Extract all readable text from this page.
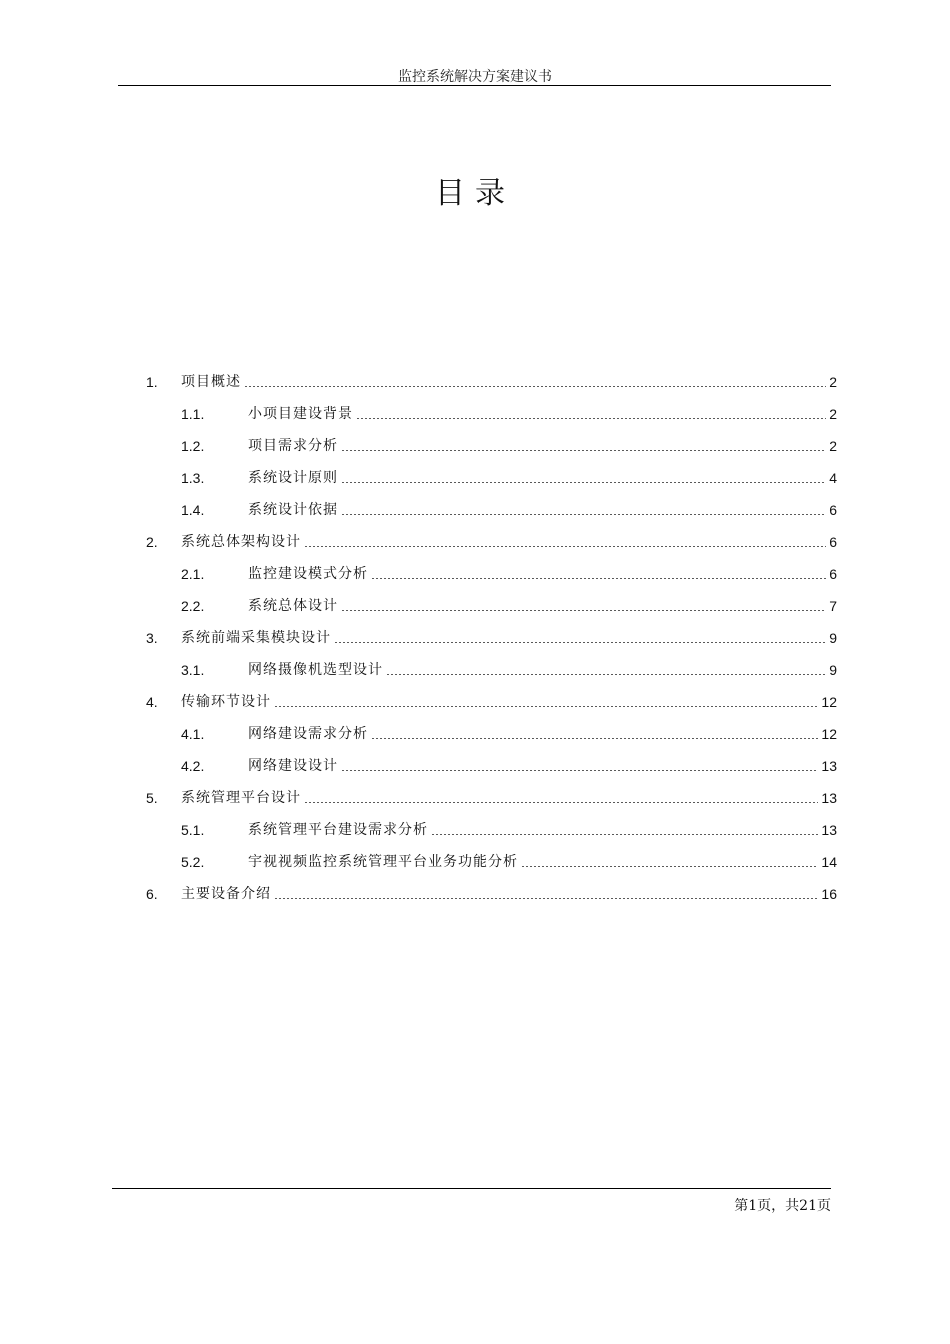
监控系统解决方案建议书
目录
1.	项目概述	2
1.1.	小项目建设背景	2
1.2.	项目需求分析	2
1.3.	系统设计原则	4
1.4.	系统设计依据	6
2.	系统总体架构设计	6
2.1.	监控建设模式分析	6
2.2.	系统总体设计	7
3.	系统前端采集模块设计	9
3.1.	网络摄像机选型设计	9
4.	传输环节设计	12
4.1.	网络建设需求分析	12
4.2.	网络建设设计	13
5.	系统管理平台设计	13
5.1.	系统管理平台建设需求分析	13
5.2.	宇视视频监控系统管理平台业务功能分析	14
6.	主要设备介绍	16
第1页，共21页
